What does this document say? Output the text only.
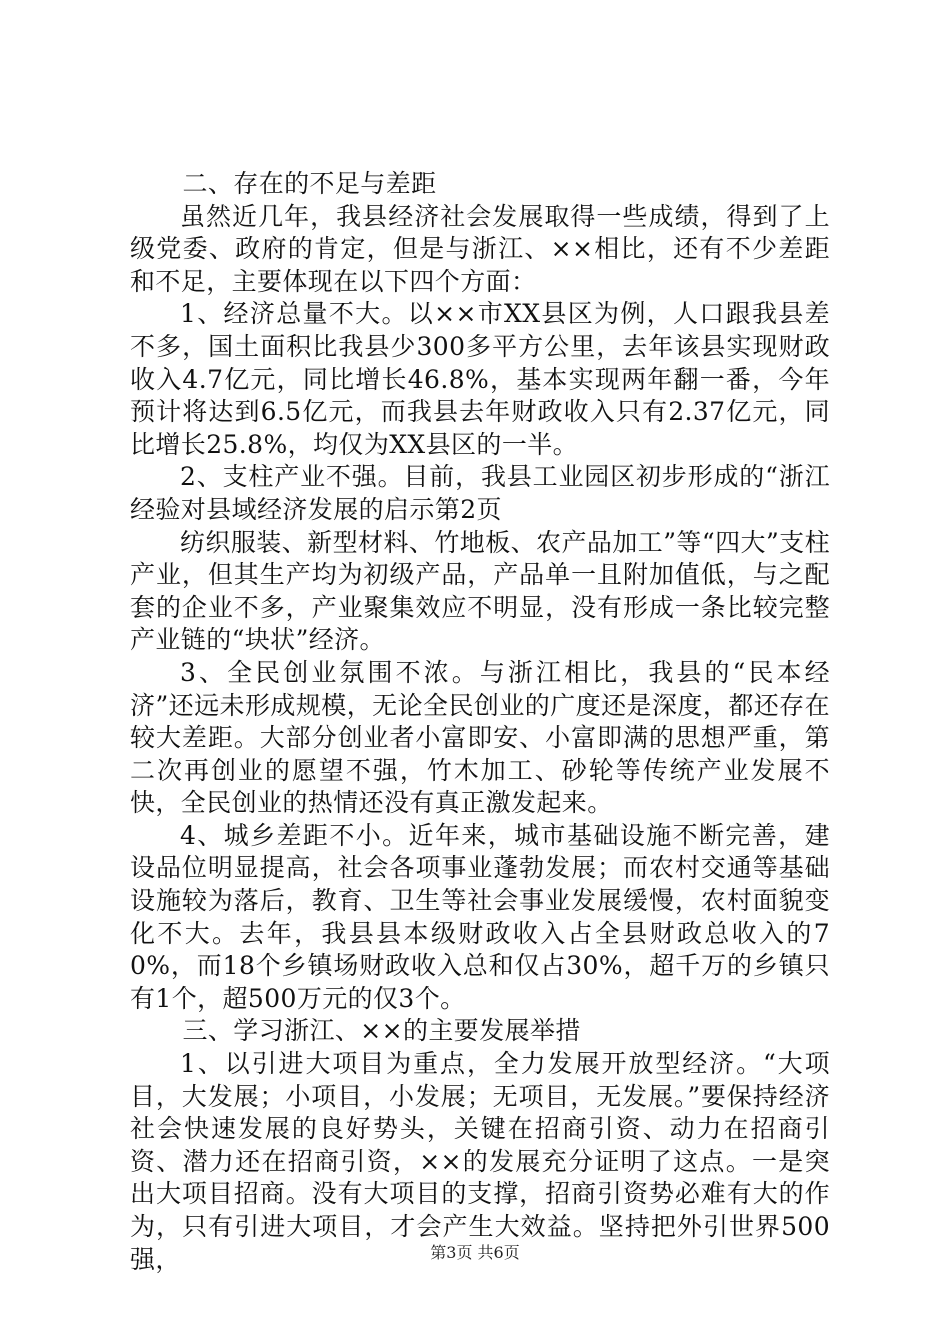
二、存在的不足与差距

虽然近几年，我县经济社会发展取得一些成绩，得到了上级党委、政府的肯定，但是与浙江、××相比，还有不少差距和不足，主要体现在以下四个方面：

1、经济总量不大。以××市XX县区为例，人口跟我县差不多，国土面积比我县少300多平方公里，去年该县实现财政收入4.7亿元，同比增长46.8%，基本实现两年翻一番，今年预计将达到6.5亿元，而我县去年财政收入只有2.37亿元，同比增长25.8%，均仅为XX县区的一半。

2、支柱产业不强。目前，我县工业园区初步形成的“浙江经验对县域经济发展的启示第2页

纺织服装、新型材料、竹地板、农产品加工”等“四大”支柱产业，但其生产均为初级产品，产品单一且附加值低，与之配套的企业不多，产业聚集效应不明显，没有形成一条比较完整产业链的“块状”经济。

3、全民创业氛围不浓。与浙江相比，我县的“民本经济”还远未形成规模，无论全民创业的广度还是深度，都还存在较大差距。大部分创业者小富即安、小富即满的思想严重，第二次再创业的愿望不强，竹木加工、砂轮等传统产业发展不快，全民创业的热情还没有真正激发起来。

4、城乡差距不小。近年来，城市基础设施不断完善，建设品位明显提高，社会各项事业蓬勃发展；而农村交通等基础设施较为落后，教育、卫生等社会事业发展缓慢，农村面貌变化不大。去年，我县县本级财政收入占全县财政总收入的70%，而18个乡镇场财政收入总和仅占30%，超千万的乡镇只有1个，超500万元的仅3个。

三、学习浙江、××的主要发展举措

1、以引进大项目为重点，全力发展开放型经济。“大项目，大发展；小项目，小发展；无项目，无发展。”要保持经济社会快速发展的良好势头，关键在招商引资、动力在招商引资、潜力还在招商引资，××的发展充分证明了这点。一是突出大项目招商。没有大项目的支撑，招商引资势必难有大的作为，只有引进大项目，才会产生大效益。坚持把外引世界500强，	第3页 共6页
